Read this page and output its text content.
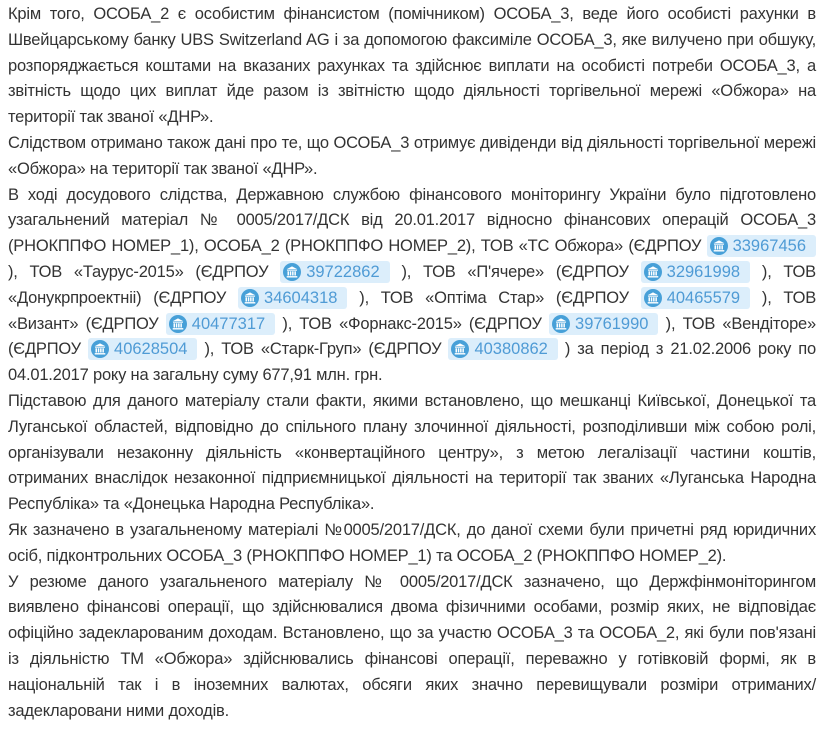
Крім того, ОСОБА_2 є особистим фінансистом (помічником) ОСОБА_3, веде його особисті рахунки в Швейцарському банку UBS Switzerland AG і за допомогою факсиміле ОСОБА_3, яке вилучено при обшуку, розпоряджається коштами на вказаних рахунках та здійснює виплати на особисті потреби ОСОБА_3, а звітність щодо цих виплат йде разом із звітністю щодо діяльності торгівельної мережі «Обжора» на території так званої «ДНР».

Слідством отримано також дані про те, що ОСОБА_3 отримує дивіденди від діяльності торгівельної мережі «Обжора» на території так званої «ДНР».

В ході досудового слідства, Державною службою фінансового моніторингу України було підготовлено узагальнений матеріал № 0005/2017/ДСК від 20.01.2017 відносно фінансових операцій ОСОБА_3 (РНОКППФО НОМЕР_1), ОСОБА_2 (РНОКППФО НОМЕР_2), ТОВ «ТС Обжора» (ЄДРПОУ
33967456 ), ТОВ «Таурус-2015» (ЄДРПОУ
39722862 ), ТОВ «П'ячере» (ЄДРПОУ
32961998 ), ТОВ «Донукрпроектніі) (ЄДРПОУ
34604318 ), ТОВ «Оптіма Стар» (ЄДРПОУ
40465579 ), ТОВ «Визант» (ЄДРПОУ
40477317 ), ТОВ «Форнакс-2015» (ЄДРПОУ
39761990 ), ТОВ «Вендіторе» (ЄДРПОУ
40628504 ), ТОВ «Старк-Груп» (ЄДРПОУ
40380862 ) за період з 21.02.2006 року по 04.01.2017 року на загальну суму 677,91 млн. грн.

Підставою для даного матеріалу стали факти, якими встановлено, що мешканці Київської, Донецької та Луганської областей, відповідно до спільного плану злочинної діяльності, розподіливши між собою ролі, організували незаконну діяльність «конвертаційного центру», з метою легалізації частини коштів, отриманих внаслідок незаконної підприємницької діяльності на території так званих «Луганська Народна Республіка» та «Донецька Народна Республіка».

Як зазначено в узагальненому матеріалі №0005/2017/ДСК, до даної схеми були причетні ряд юридичних осіб, підконтрольних ОСОБА_3 (РНОКППФО НОМЕР_1) та ОСОБА_2 (РНОКППФО НОМЕР_2).

У резюме даного узагальненого матеріалу № 0005/2017/ДСК зазначено, що Держфінмоніторингом виявлено фінансові операції, що здійснювалися двома фізичними особами, розмір яких, не відповідає офіційно задекларованим доходам. Встановлено, що за участю ОСОБА_3 та ОСОБА_2, які були пов'язані із діяльністю ТМ «Обжора» здійснювались фінансові операції, переважно у готівковій формі, як в національній так і в іноземних валютах, обсяги яких значно перевищували розміри отриманих/задекларовани ними доходів.
